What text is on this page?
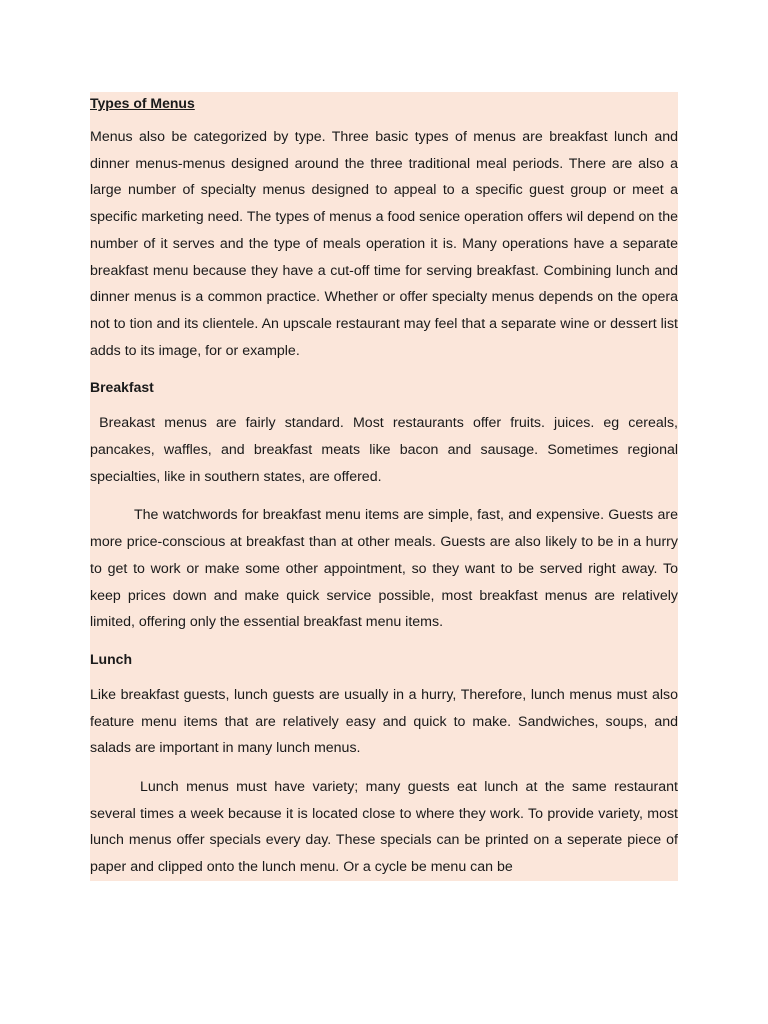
Types of Menus
Menus also be categorized by type. Three basic types of menus are breakfast lunch and dinner menus-menus designed around the three traditional meal periods. There are also a large number of specialty menus designed to appeal to a specific guest group or meet a specific marketing need. The types of menus a food senice operation offers wil depend on the number of it serves and the type of meals operation it is. Many operations have a separate breakfast menu because they have a cut-off time for serving breakfast. Combining lunch and dinner menus is a common practice. Whether or offer specialty menus depends on the opera not to tion and its clientele. An upscale restaurant may feel that a separate wine or dessert list adds to its image, for or example.
Breakfast
Breakast menus are fairly standard. Most restaurants offer fruits. juices. eg cereals, pancakes, waffles, and breakfast meats like bacon and sausage. Sometimes regional specialties, like in southern states, are offered.
The watchwords for breakfast menu items are simple, fast, and expensive. Guests are more price-conscious at breakfast than at other meals. Guests are also likely to be in a hurry to get to work or make some other appointment, so they want to be served right away. To keep prices down and make quick service possible, most breakfast menus are relatively limited, offering only the essential breakfast menu items.
Lunch
Like breakfast guests, lunch guests are usually in a hurry, Therefore, lunch menus must also feature menu items that are relatively easy and quick to make. Sandwiches, soups, and salads are important in many lunch menus.
Lunch menus must have variety; many guests eat lunch at the same restaurant several times a week because it is located close to where they work. To provide variety, most lunch menus offer specials every day. These specials can be printed on a seperate piece of paper and clipped onto the lunch menu. Or a cycle be menu can be
